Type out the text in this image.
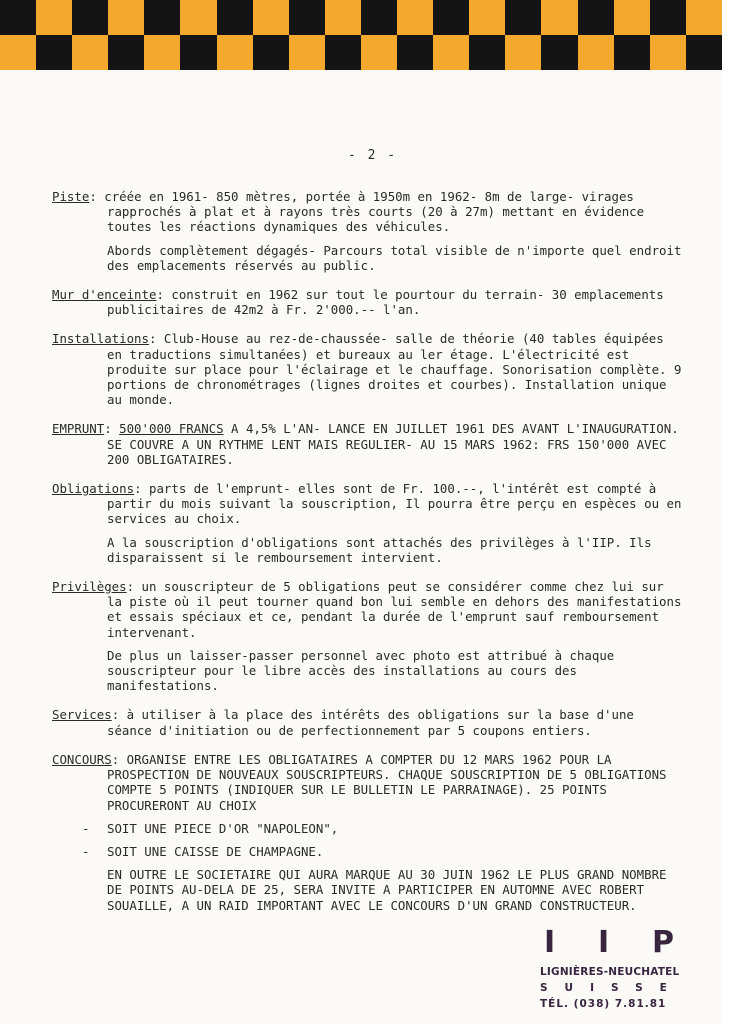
- 2 -

Piste: créée en 1961- 850 mètres, portée à 1950m en 1962- 8m de large- virages rapprochés à plat et à rayons très courts (20 à 27m) mettant en évidence toutes les réactions dynamiques des véhicules.

Abords complètement dégagés- Parcours total visible de n'importe quel endroit des emplacements réservés au public.

Mur d'enceinte: construit en 1962 sur tout le pourtour du terrain- 30 emplacements publicitaires de 42m2 à Fr. 2'000.-- l'an.

Installations: Club-House au rez-de-chaussée- salle de théorie (40 tables équipées en traductions simultanées) et bureaux au ler étage. L'électricité est produite sur place pour l'éclairage et le chauffage. Sonorisation complète. 9 portions de chronométrages (lignes droites et courbes). Installation unique au monde.

EMPRUNT: 500'000 FRANCS A 4,5% L'AN- LANCE EN JUILLET 1961 DES AVANT L'INAUGURATION. SE COUVRE A UN RYTHME LENT MAIS REGULIER- AU 15 MARS 1962: FRS 150'000 AVEC 200 OBLIGATAIRES.

Obligations: parts de l'emprunt- elles sont de Fr. 100.--, l'intérêt est compté à partir du mois suivant la souscription, Il pourra être perçu en espèces ou en services au choix.

A la souscription d'obligations sont attachés des privilèges à l'IIP. Ils disparaissent si le remboursement intervient.

Privilèges: un souscripteur de 5 obligations peut se considérer comme chez lui sur la piste où il peut tourner quand bon lui semble en dehors des manifestations et essais spéciaux et ce, pendant la durée de l'emprunt sauf remboursement intervenant.

De plus un laisser-passer personnel avec photo est attribué à chaque souscripteur pour le libre accès des installations au cours des manifestations.

Services: à utiliser à la place des intérêts des obligations sur la base d'une séance d'initiation ou de perfectionnement par 5 coupons entiers.

CONCOURS: ORGANISE ENTRE LES OBLIGATAIRES A COMPTER DU 12 MARS 1962 POUR LA PROSPECTION DE NOUVEAUX SOUSCRIPTEURS. CHAQUE SOUSCRIPTION DE 5 OBLIGATIONS COMPTE 5 POINTS (INDIQUER SUR LE BULLETIN LE PARRAINAGE). 25 POINTS PROCURERONT AU CHOIX

-	SOIT UNE PIECE D'OR "NAPOLEON",
-	SOIT UNE CAISSE DE CHAMPAGNE.

EN OUTRE LE SOCIETAIRE QUI AURA MARQUE AU 30 JUIN 1962 LE PLUS GRAND NOMBRE DE POINTS AU-DELA DE 25, SERA INVITE A PARTICIPER EN AUTOMNE AVEC ROBERT SOUAILLE, A UN RAID IMPORTANT AVEC LE CONCOURS D'UN GRAND CONSTRUCTEUR.

I I P
LIGNIÈRES-NEUCHATEL
SUISSE
TÉL. (038) 7.81.81
